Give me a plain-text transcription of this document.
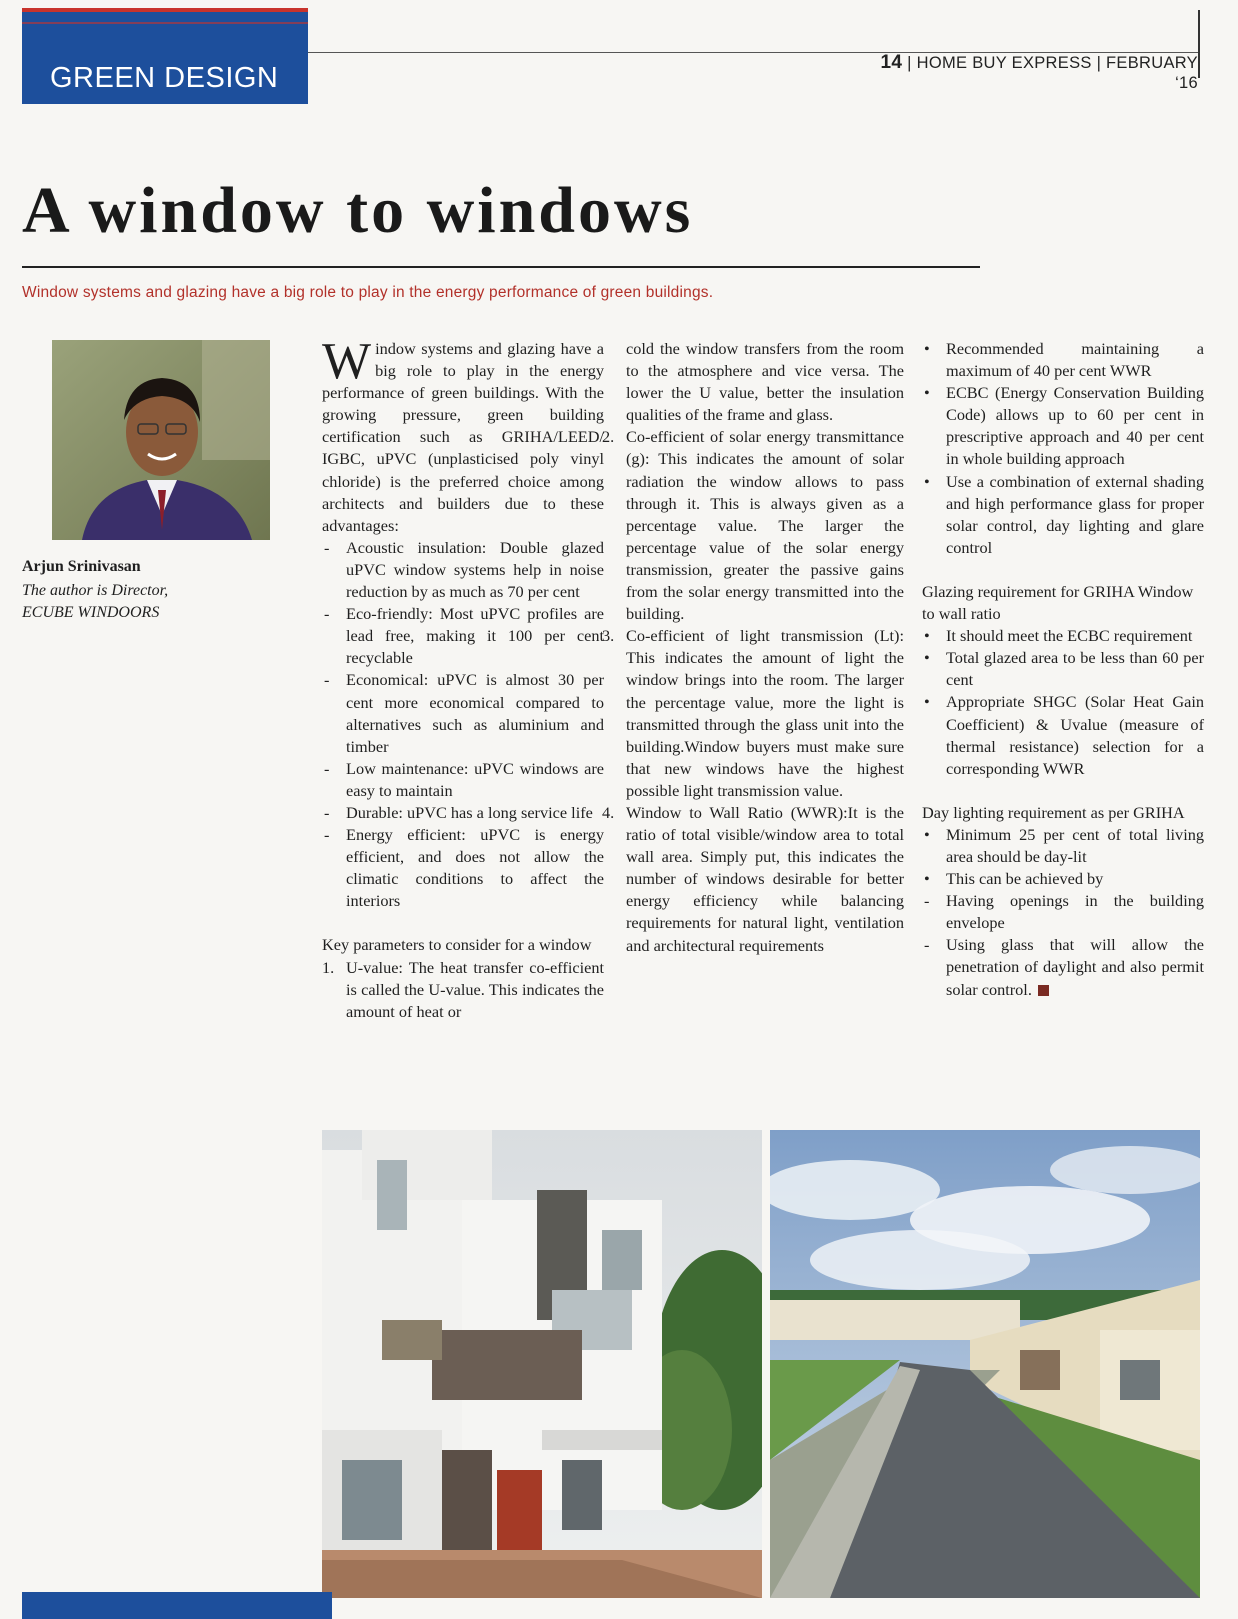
GREEN DESIGN	14 | HOME BUY EXPRESS | FEBRUARY ‘16
A window to windows
Window systems and glazing have a big role to play in the energy performance of green buildings.
Arjun Srinivasan
The author is Director,
ECUBE WINDOORS

Window systems and glazing have a big role to play in the energy performance of green buildings. With the growing pressure, green building certification such as GRIHA/LEED/ IGBC, uPVC (unplasticised poly vinyl chloride) is the preferred choice among architects and builders due to these advantages:

- Acoustic insulation: Double glazed uPVC window systems help in noise reduction by as much as 70 per cent
- Eco-friendly: Most uPVC profiles are lead free, making it 100 per cent recyclable
- Economical: uPVC is almost 30 per cent more economical compared to alternatives such as aluminium and timber
- Low maintenance: uPVC windows are easy to maintain
- Durable: uPVC has a long service life
- Energy efficient: uPVC is energy efficient, and does not allow the climatic conditions to affect the interiors

Key parameters to consider for a window

1. U-value: The heat transfer co-efficient is called the U-value. This indicates the amount of heat or

cold the window transfers from the room to the atmosphere and vice versa. The lower the U value, better the insulation qualities of the frame and glass.

2. Co-efficient of solar energy transmittance (g): This indicates the amount of solar radiation the window allows to pass through it. This is always given as a percentage value. The larger the percentage value of the solar energy transmission, greater the passive gains from the solar energy transmitted into the building.
3. Co-efficient of light transmission (Lt): This indicates the amount of light the window brings into the room. The larger the percentage value, more the light is transmitted through the glass unit into the building.Window buyers must make sure that new windows have the highest possible light transmission value.
4. Window to Wall Ratio (WWR):It is the ratio of total visible/window area to total wall area. Simply put, this indicates the number of windows desirable for better energy efficiency while balancing requirements for natural light, ventilation and architectural requirements
• Recommended maintaining a maximum of 40 per cent WWR
• ECBC (Energy Conservation Building Code) allows up to 60 per cent in prescriptive approach and 40 per cent in whole building approach
• Use a combination of external shading and high performance glass for proper solar control, day lighting and glare control

Glazing requirement for GRIHA Window to wall ratio

• It should meet the ECBC requirement
• Total glazed area to be less than 60 per cent
• Appropriate SHGC (Solar Heat Gain Coefficient) & Uvalue (measure of thermal resistance) selection for a corresponding WWR

Day lighting requirement as per GRIHA

• Minimum 25 per cent of total living area should be day-lit
• This can be achieved by
- Having openings in the building envelope
- Using glass that will allow the penetration of daylight and also permit solar control.
